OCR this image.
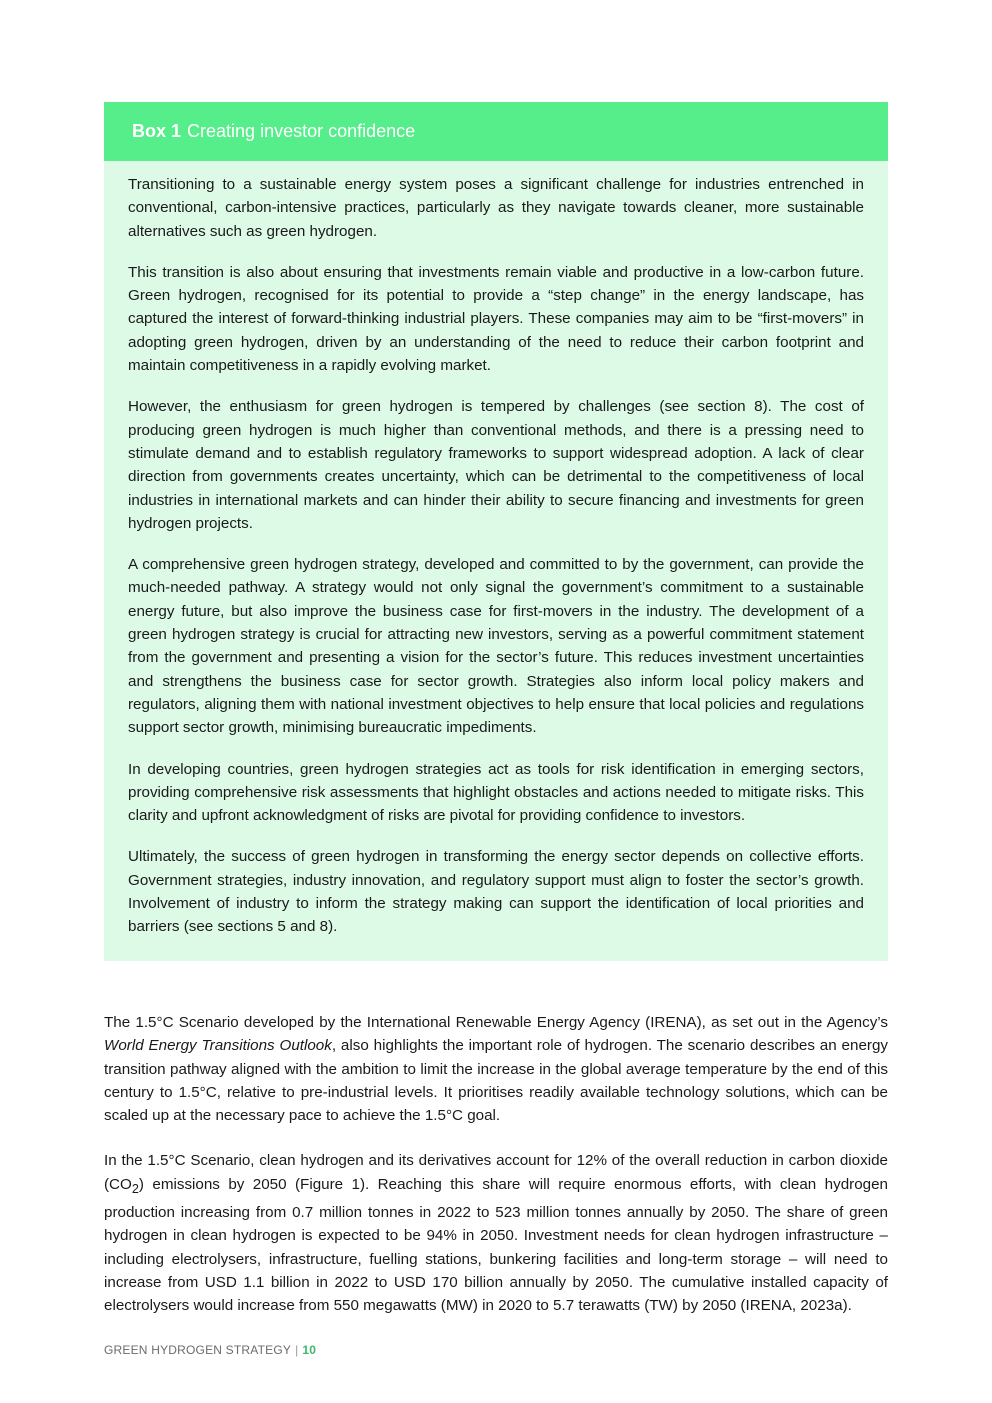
Box 1 Creating investor confidence

Transitioning to a sustainable energy system poses a significant challenge for industries entrenched in conventional, carbon-intensive practices, particularly as they navigate towards cleaner, more sustainable alternatives such as green hydrogen.

This transition is also about ensuring that investments remain viable and productive in a low-carbon future. Green hydrogen, recognised for its potential to provide a “step change” in the energy landscape, has captured the interest of forward-thinking industrial players. These companies may aim to be “first-movers” in adopting green hydrogen, driven by an understanding of the need to reduce their carbon footprint and maintain competitiveness in a rapidly evolving market.

However, the enthusiasm for green hydrogen is tempered by challenges (see section 8). The cost of producing green hydrogen is much higher than conventional methods, and there is a pressing need to stimulate demand and to establish regulatory frameworks to support widespread adoption. A lack of clear direction from governments creates uncertainty, which can be detrimental to the competitiveness of local industries in international markets and can hinder their ability to secure financing and investments for green hydrogen projects.

A comprehensive green hydrogen strategy, developed and committed to by the government, can provide the much-needed pathway. A strategy would not only signal the government’s commitment to a sustainable energy future, but also improve the business case for first-movers in the industry. The development of a green hydrogen strategy is crucial for attracting new investors, serving as a powerful commitment statement from the government and presenting a vision for the sector’s future. This reduces investment uncertainties and strengthens the business case for sector growth. Strategies also inform local policy makers and regulators, aligning them with national investment objectives to help ensure that local policies and regulations support sector growth, minimising bureaucratic impediments.

In developing countries, green hydrogen strategies act as tools for risk identification in emerging sectors, providing comprehensive risk assessments that highlight obstacles and actions needed to mitigate risks. This clarity and upfront acknowledgment of risks are pivotal for providing confidence to investors.

Ultimately, the success of green hydrogen in transforming the energy sector depends on collective efforts. Government strategies, industry innovation, and regulatory support must align to foster the sector’s growth. Involvement of industry to inform the strategy making can support the identification of local priorities and barriers (see sections 5 and 8).

The 1.5°C Scenario developed by the International Renewable Energy Agency (IRENA), as set out in the Agency’s World Energy Transitions Outlook, also highlights the important role of hydrogen. The scenario describes an energy transition pathway aligned with the ambition to limit the increase in the global average temperature by the end of this century to 1.5°C, relative to pre-industrial levels. It prioritises readily available technology solutions, which can be scaled up at the necessary pace to achieve the 1.5°C goal.

In the 1.5°C Scenario, clean hydrogen and its derivatives account for 12% of the overall reduction in carbon dioxide $(CO_2)$ emissions by 2050 (Figure 1). Reaching this share will require enormous efforts, with clean hydrogen production increasing from 0.7 million tonnes in 2022 to 523 million tonnes annually by 2050. The share of green hydrogen in clean hydrogen is expected to be 94% in 2050. Investment needs for clean hydrogen infrastructure – including electrolysers, infrastructure, fuelling stations, bunkering facilities and long-term storage – will need to increase from USD 1.1 billion in 2022 to USD 170 billion annually by 2050. The cumulative installed capacity of electrolysers would increase from 550 megawatts (MW) in 2020 to 5.7 terawatts (TW) by 2050 (IRENA, 2023a).

GREEN HYDROGEN STRATEGY | 10
